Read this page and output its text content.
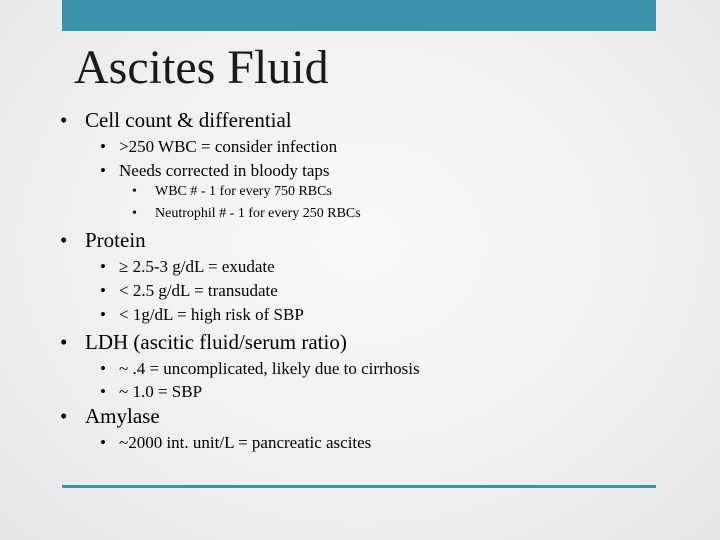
Ascites Fluid
• Cell count & differential
• >250 WBC = consider infection
• Needs corrected in bloody taps
• WBC # - 1 for every 750 RBCs
• Neutrophil # - 1 for every 250 RBCs
• Protein
• ≥ 2.5-3 g/dL = exudate
• < 2.5 g/dL = transudate
• < 1g/dL = high risk of SBP
• LDH (ascitic fluid/serum ratio)
• ~ .4 = uncomplicated, likely due to cirrhosis
• ~ 1.0 = SBP
• Amylase
• ~2000 int. unit/L = pancreatic ascites
